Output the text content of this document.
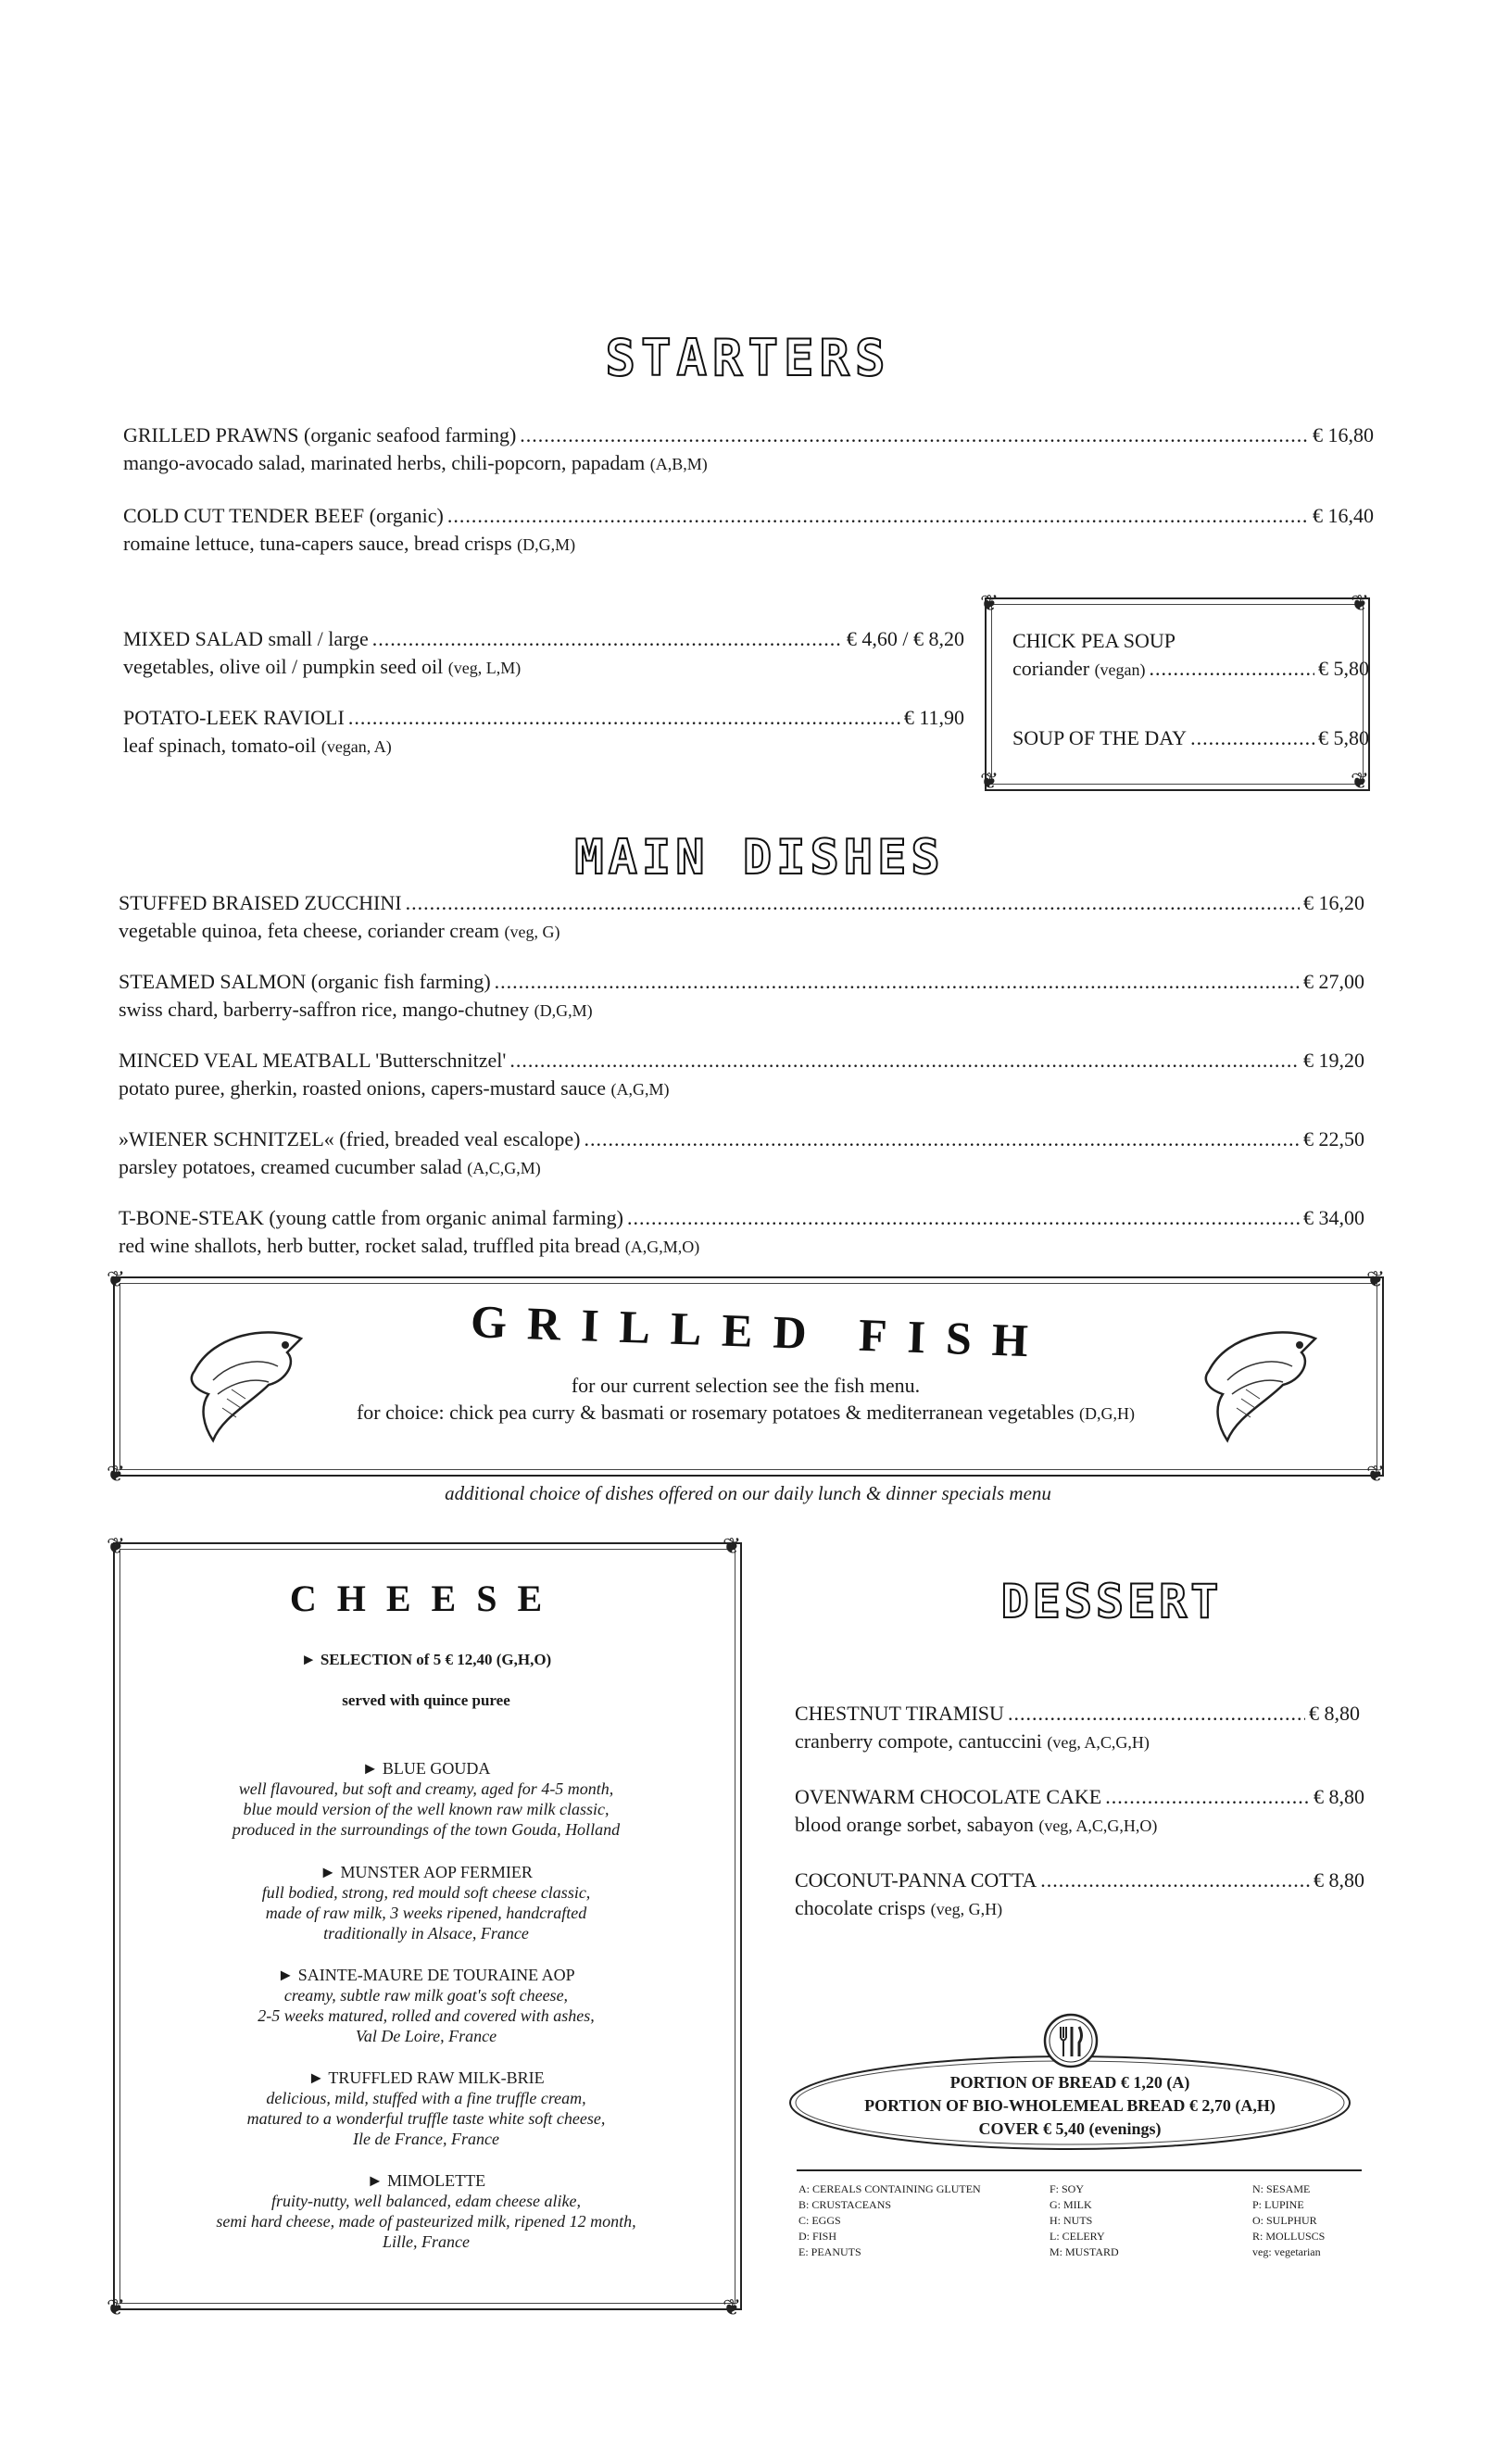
STARTERS
GRILLED PRAWNS (organic seafood farming) .....	€ 16,80
mango-avocado salad, marinated herbs, chili-popcorn, papadam (A,B,M)
COLD CUT TENDER BEEF (organic) .....	€ 16,40
romaine lettuce, tuna-capers sauce, bread crisps (D,G,M)
MIXED SALAD small / large .....	€ 4,60 / € 8,20
vegetables, olive oil / pumpkin seed oil (veg, L,M)
POTATO-LEEK RAVIOLI .....	€ 11,90
leaf spinach, tomato-oil (vegan, A)
❦	❦
❦	❦
CHICK PEA SOUP
coriander (vegan) .....	€ 5,80
SOUP OF THE DAY .....	€ 5,80
MAIN DISHES
STUFFED BRAISED ZUCCHINI .....	€ 16,20
vegetable quinoa, feta cheese, coriander cream (veg, G)
STEAMED SALMON (organic fish farming) .....	€ 27,00
swiss chard, barberry-saffron rice, mango-chutney (D,G,M)
MINCED VEAL MEATBALL 'Butterschnitzel' .....	€ 19,20
potato puree, gherkin, roasted onions, capers-mustard sauce (A,G,M)
»WIENER SCHNITZEL« (fried, breaded veal escalope) .....	€ 22,50
parsley potatoes, creamed cucumber salad (A,C,G,M)
T-BONE-STEAK (young cattle from organic animal farming) .....	€ 34,00
red wine shallots, herb butter, rocket salad, truffled pita bread (A,G,M,O)
❦	❦
❦	❦
GRILLED FISH
for our current selection see the fish menu.
for choice: chick pea curry & basmati or rosemary potatoes & mediterranean vegetables (D,G,H)
additional choice of dishes offered on our daily lunch & dinner specials menu
❦	❦
❦	❦
CHEESE
► SELECTION of 5 € 12,40 (G,H,O)
served with quince puree
► BLUE GOUDA
well flavoured, but soft and creamy, aged for 4-5 month,
blue mould version of the well known raw milk classic,
produced in the surroundings of the town Gouda, Holland
► MUNSTER AOP FERMIER
full bodied, strong, red mould soft cheese classic,
made of raw milk, 3 weeks ripened, handcrafted
traditionally in Alsace, France
► SAINTE-MAURE DE TOURAINE AOP
creamy, subtle raw milk goat's soft cheese,
2-5 weeks matured, rolled and covered with ashes,
Val De Loire, France
► TRUFFLED RAW MILK-BRIE
delicious, mild, stuffed with a fine truffle cream,
matured to a wonderful truffle taste white soft cheese,
Ile de France, France
► MIMOLETTE
fruity-nutty, well balanced, edam cheese alike,
semi hard cheese, made of pasteurized milk, ripened 12 month,
Lille, France
DESSERT
CHESTNUT TIRAMISU .....	€ 8,80
cranberry compote, cantuccini (veg, A,C,G,H)
OVENWARM CHOCOLATE CAKE .....	€ 8,80
blood orange sorbet, sabayon (veg, A,C,G,H,O)
COCONUT-PANNA COTTA .....	€ 8,80
chocolate crisps (veg, G,H)
PORTION OF BREAD € 1,20 (A)
PORTION OF BIO-WHOLEMEAL BREAD € 2,70 (A,H)
COVER € 5,40 (evenings)
A: CEREALS CONTAINING GLUTEN
B: CRUSTACEANS
C: EGGS
D: FISH
E: PEANUTS
F: SOY
G: MILK
H: NUTS
L: CELERY
M: MUSTARD
N: SESAME
P: LUPINE
O: SULPHUR
R: MOLLUSCS
veg: vegetarian
